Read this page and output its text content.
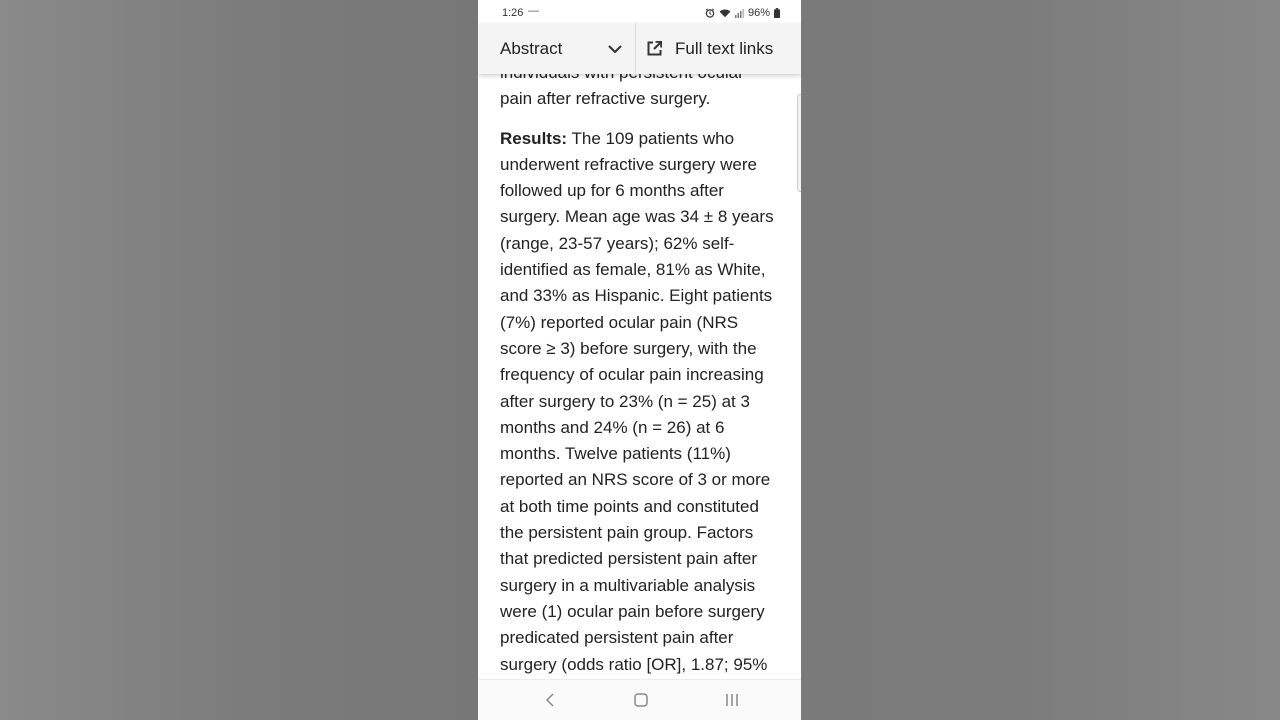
1:26 —	96%

pain after refractive surgery.

Results: The 109 patients who
underwent refractive surgery were
followed up for 6 months after
surgery. Mean age was 34 ± 8 years
(range, 23-57 years); 62% self-
identified as female, 81% as White,
and 33% as Hispanic. Eight patients
(7%) reported ocular pain (NRS
score ≥ 3) before surgery, with the
frequency of ocular pain increasing
after surgery to 23% (n = 25) at 3
months and 24% (n = 26) at 6
months. Twelve patients (11%)
reported an NRS score of 3 or more
at both time points and constituted
the persistent pain group. Factors
that predicted persistent pain after
surgery in a multivariable analysis
were (1) ocular pain before surgery
predicated persistent pain after
surgery (odds ratio [OR], 1.87; 95%

Abstract	Full text links
